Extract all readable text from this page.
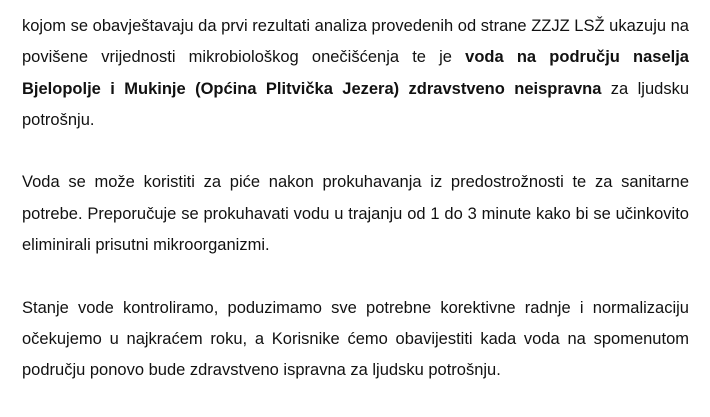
kojom se obavještavaju da prvi rezultati analiza provedenih od strane ZZJZ LSŽ ukazuju na povišene vrijednosti mikrobiološkog onečišćenja te je voda na području naselja Bjelopolje i Mukinje (Općina Plitvička Jezera) zdravstveno neispravna za ljudsku potrošnju.

Voda se može koristiti za piće nakon prokuhavanja iz predostrožnosti te za sanitarne potrebe. Preporučuje se prokuhavati vodu u trajanju od 1 do 3 minute kako bi se učinkovito eliminirali prisutni mikroorganizmi.

Stanje vode kontroliramo, poduzimamo sve potrebne korektivne radnje i normalizaciju očekujemo u najkraćem roku, a Korisnike ćemo obavijestiti kada voda na spomenutom području ponovo bude zdravstveno ispravna za ljudsku potrošnju.
